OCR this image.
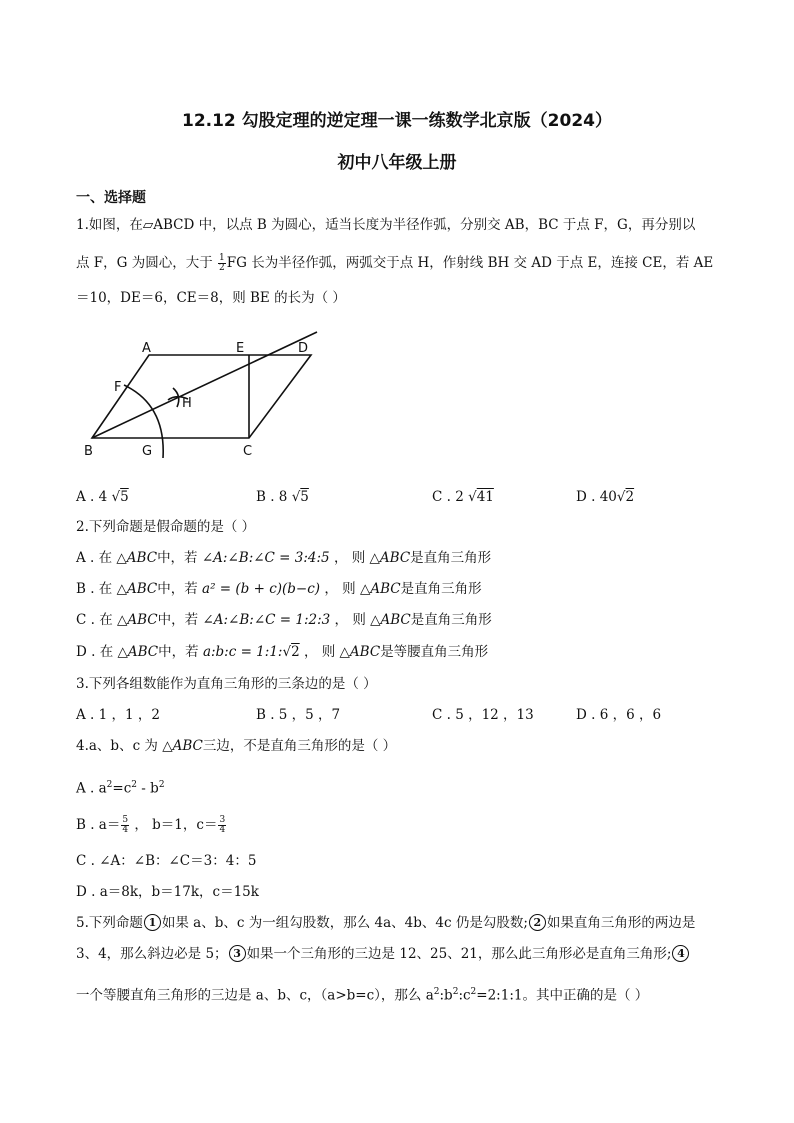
12.12 勾股定理的逆定理一课一练数学北京版（2024）
初中八年级上册
一、选择题
1.如图，在▱ABCD 中，以点 B 为圆心，适当长度为半径作弧，分别交 AB，BC 于点 F，G，再分别以
点 F，G 为圆心，大于 $\frac{1}{2}$ FG 长为半径作弧，两弧交于点 H，作射线 BH 交 AD 于点 E，连接 CE，若 AE
＝10，DE＝6，CE＝8，则 BE 的长为（ ）
A	E	D
F
H
B	G	C
A . 4 √5	B . 8 √5	C . 2 √41	D . 40√2
2.下列命题是假命题的是（ ）
A . 在 △ABC中，若 ∠A:∠B:∠C = 3:4:5 ， 则 △ABC是直角三角形
B . 在 △ABC中，若 a² = (b + c)(b−c) ， 则 △ABC是直角三角形
C . 在 △ABC中，若 ∠A:∠B:∠C = 1:2:3 ， 则 △ABC是直角三角形
D . 在 △ABC中，若 a:b:c = 1:1:√2 ， 则 △ABC是等腰直角三角形
3.下列各组数能作为直角三角形的三条边的是（ ）
A . 1 ，1 ，2	B . 5 ，5 ，7	C . 5 ，12 ，13	D . 6 ，6 ，6
4.a、b、c 为 △ABC三边，不是直角三角形的是（ ）
A . $a^2=c^2 - b^2$
B . $a= \frac{5}{4}$ ， b＝1，$c= \frac{3}{4}$
C . ∠A：∠B：∠C＝3：4：5
D . a＝8k，b＝17k，c＝15k
5.下列命题 1 如果 a、b、c 为一组勾股数，那么 4a、4b、4c 仍是勾股数; 2 如果直角三角形的两边是
3、4，那么斜边必是 5； 3 如果一个三角形的三边是 12、25、21，那么此三角形必是直角三角形; 4
一个等腰直角三角形的三边是 a、b、c，（a>b=c），那么 $a^2:b^2:c^2=2:1:1$。其中正确的是（ ）
